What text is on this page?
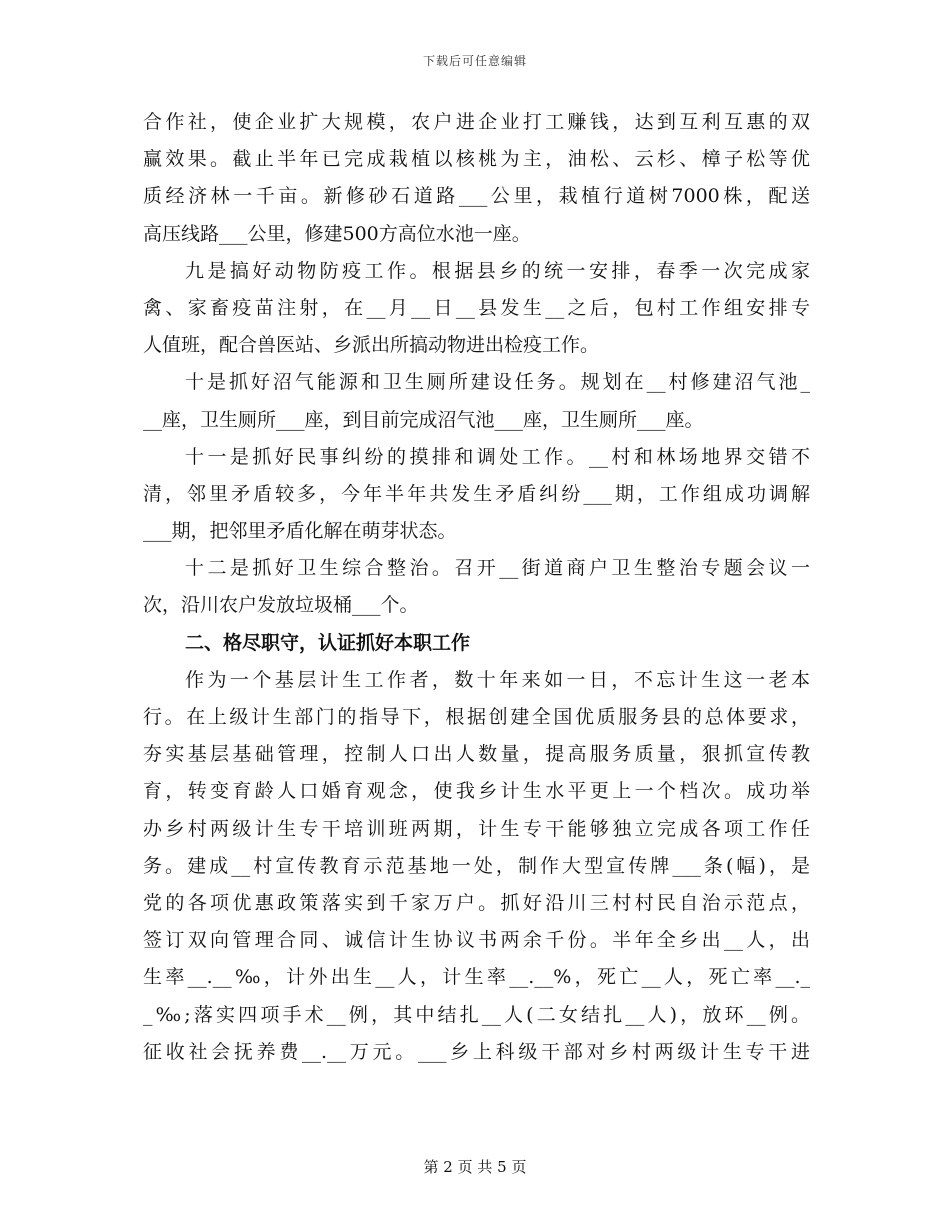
下载后可任意编辑
合作社，使企业扩大规模，农户进企业打工赚钱，达到互利互惠的双
赢效果。截止半年已完成栽植以核桃为主，油松、云杉、樟子松等优
质经济林一千亩。新修砂石道路___公里，栽植行道树7000株，配送
高压线路___公里，修建500方高位水池一座。
九是搞好动物防疫工作。根据县乡的统一安排，春季一次完成家
禽、家畜疫苗注射，在__月__日__县发生__之后，包村工作组安排专
人值班，配合兽医站、乡派出所搞动物进出检疫工作。
十是抓好沼气能源和卫生厕所建设任务。规划在__村修建沼气池_
__座，卫生厕所___座，到目前完成沼气池___座，卫生厕所___座。
十一是抓好民事纠纷的摸排和调处工作。__村和林场地界交错不
清，邻里矛盾较多，今年半年共发生矛盾纠纷___期，工作组成功调解
___期，把邻里矛盾化解在萌芽状态。
十二是抓好卫生综合整治。召开__街道商户卫生整治专题会议一
次，沿川农户发放垃圾桶___个。
二、格尽职守，认证抓好本职工作
作为一个基层计生工作者，数十年来如一日，不忘计生这一老本
行。在上级计生部门的指导下，根据创建全国优质服务县的总体要求，
夯实基层基础管理，控制人口出人数量，提高服务质量，狠抓宣传教
育，转变育龄人口婚育观念，使我乡计生水平更上一个档次。成功举
办乡村两级计生专干培训班两期，计生专干能够独立完成各项工作任
务。建成__村宣传教育示范基地一处，制作大型宣传牌___条(幅)，是
党的各项优惠政策落实到千家万户。抓好沿川三村村民自治示范点，
签订双向管理合同、诚信计生协议书两余千份。半年全乡出__人，出
生率__.__‰，计外出生__人，计生率__.__%，死亡__人，死亡率__._
_‰;落实四项手术__例，其中结扎__人(二女结扎__人)，放环__例。
征收社会抚养费__.__万元。___乡上科级干部对乡村两级计生专干进
第 2 页 共 5 页
